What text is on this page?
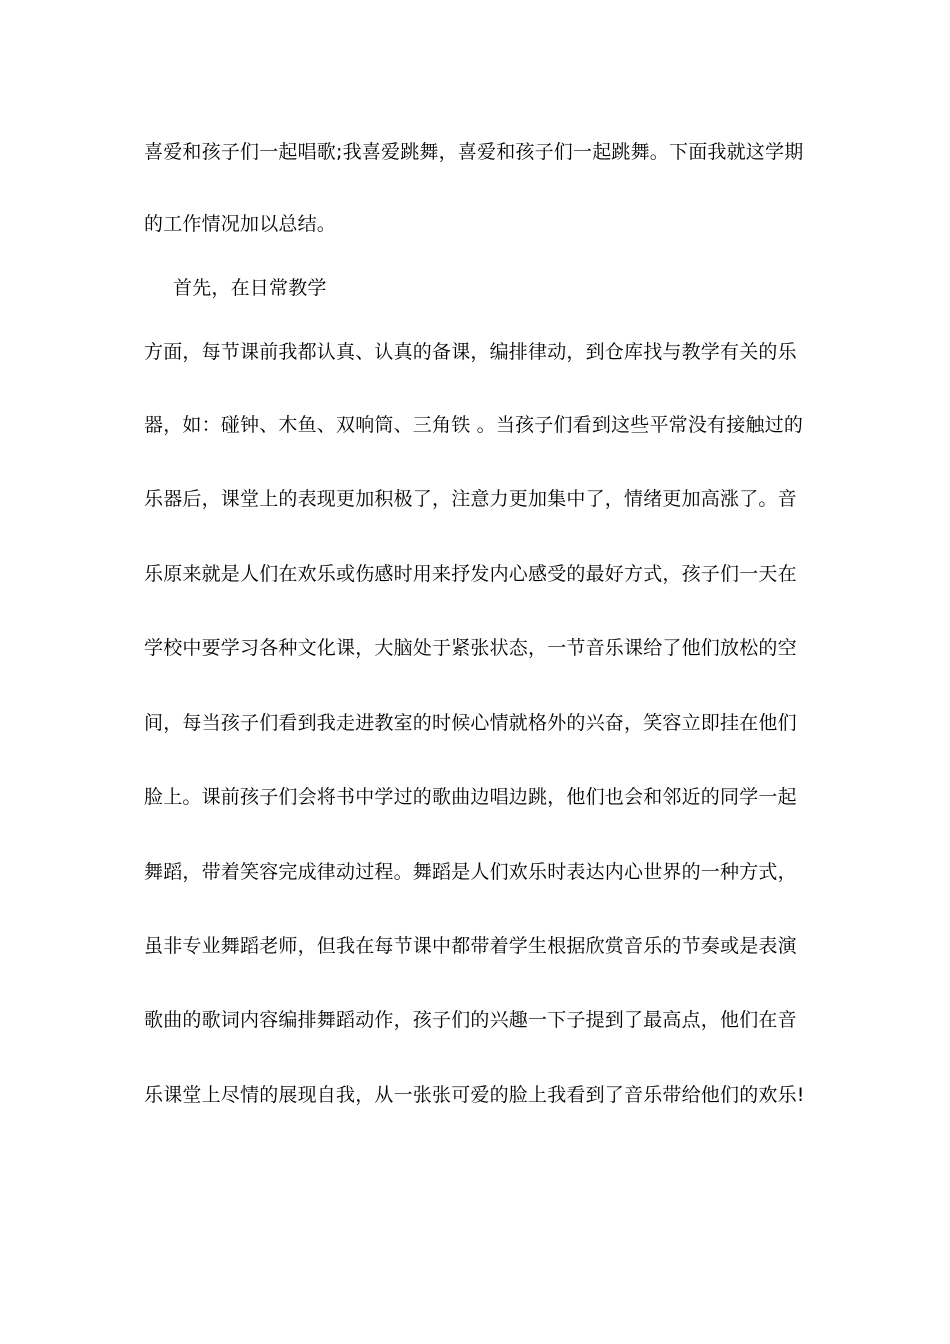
喜爱和孩子们一起唱歌;我喜爱跳舞，喜爱和孩子们一起跳舞。下面我就这学期
的工作情况加以总结。
首先，在日常教学
方面，每节课前我都认真、认真的备课，编排律动，到仓库找与教学有关的乐
器，如：碰钟、木鱼、双响筒、三角铁 。当孩子们看到这些平常没有接触过的
乐器后，课堂上的表现更加积极了，注意力更加集中了，情绪更加高涨了。音
乐原来就是人们在欢乐或伤感时用来抒发内心感受的最好方式，孩子们一天在
学校中要学习各种文化课，大脑处于紧张状态，一节音乐课给了他们放松的空
间，每当孩子们看到我走进教室的时候心情就格外的兴奋，笑容立即挂在他们
脸上。课前孩子们会将书中学过的歌曲边唱边跳，他们也会和邻近的同学一起
舞蹈，带着笑容完成律动过程。舞蹈是人们欢乐时表达内心世界的一种方式，
虽非专业舞蹈老师，但我在每节课中都带着学生根据欣赏音乐的节奏或是表演
歌曲的歌词内容编排舞蹈动作，孩子们的兴趣一下子提到了最高点，他们在音
乐课堂上尽情的展现自我，从一张张可爱的脸上我看到了音乐带给他们的欢乐!
